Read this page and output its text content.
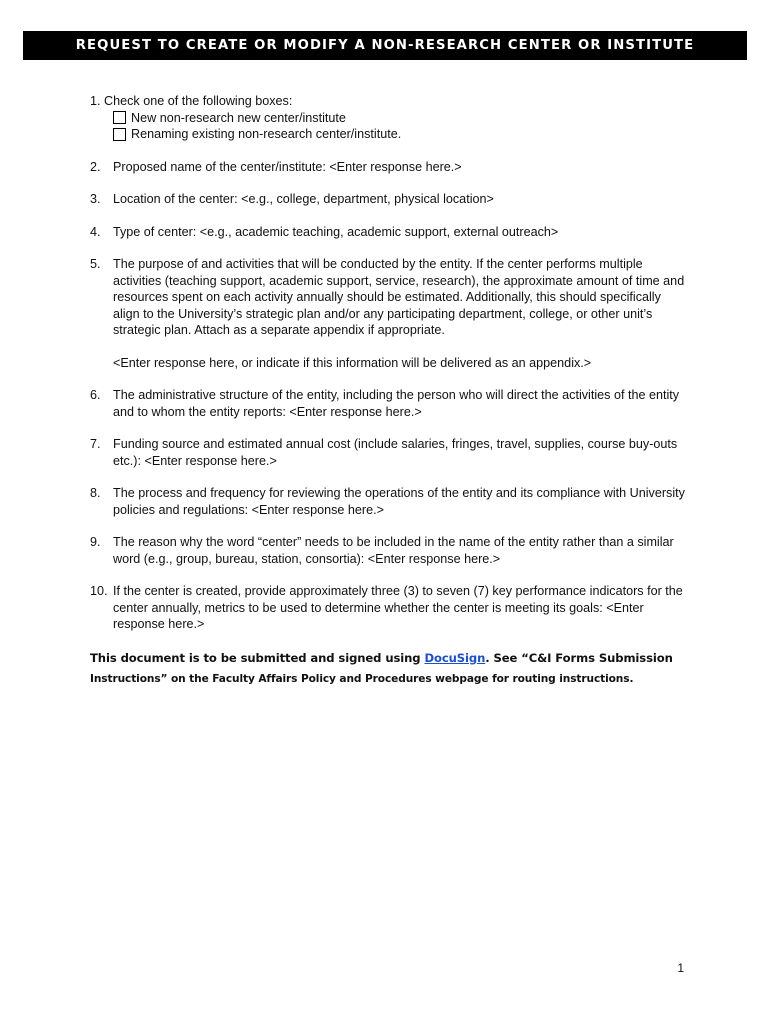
REQUEST TO CREATE OR MODIFY A NON-RESEARCH CENTER OR INSTITUTE
1. Check one of the following boxes:
New non-research new center/institute
Renaming existing non-research center/institute.
2. Proposed name of the center/institute: <Enter response here.>
3. Location of the center: <e.g., college, department, physical location>
4. Type of center: <e.g., academic teaching, academic support, external outreach>
5. The purpose of and activities that will be conducted by the entity. If the center performs multiple activities (teaching support, academic support, service, research), the approximate amount of time and resources spent on each activity annually should be estimated. Additionally, this should specifically align to the University’s strategic plan and/or any participating department, college, or other unit’s strategic plan. Attach as a separate appendix if appropriate.
<Enter response here, or indicate if this information will be delivered as an appendix.>
6. The administrative structure of the entity, including the person who will direct the activities of the entity and to whom the entity reports: <Enter response here.>
7. Funding source and estimated annual cost (include salaries, fringes, travel, supplies, course buy-outs etc.): <Enter response here.>
8. The process and frequency for reviewing the operations of the entity and its compliance with University policies and regulations: <Enter response here.>
9. The reason why the word “center” needs to be included in the name of the entity rather than a similar word (e.g., group, bureau, station, consortia): <Enter response here.>
10. If the center is created, provide approximately three (3) to seven (7) key performance indicators for the center annually, metrics to be used to determine whether the center is meeting its goals: <Enter response here.>
This document is to be submitted and signed using DocuSign. See “C&I Forms Submission
Instructions” on the Faculty Affairs Policy and Procedures webpage for routing instructions.
1
